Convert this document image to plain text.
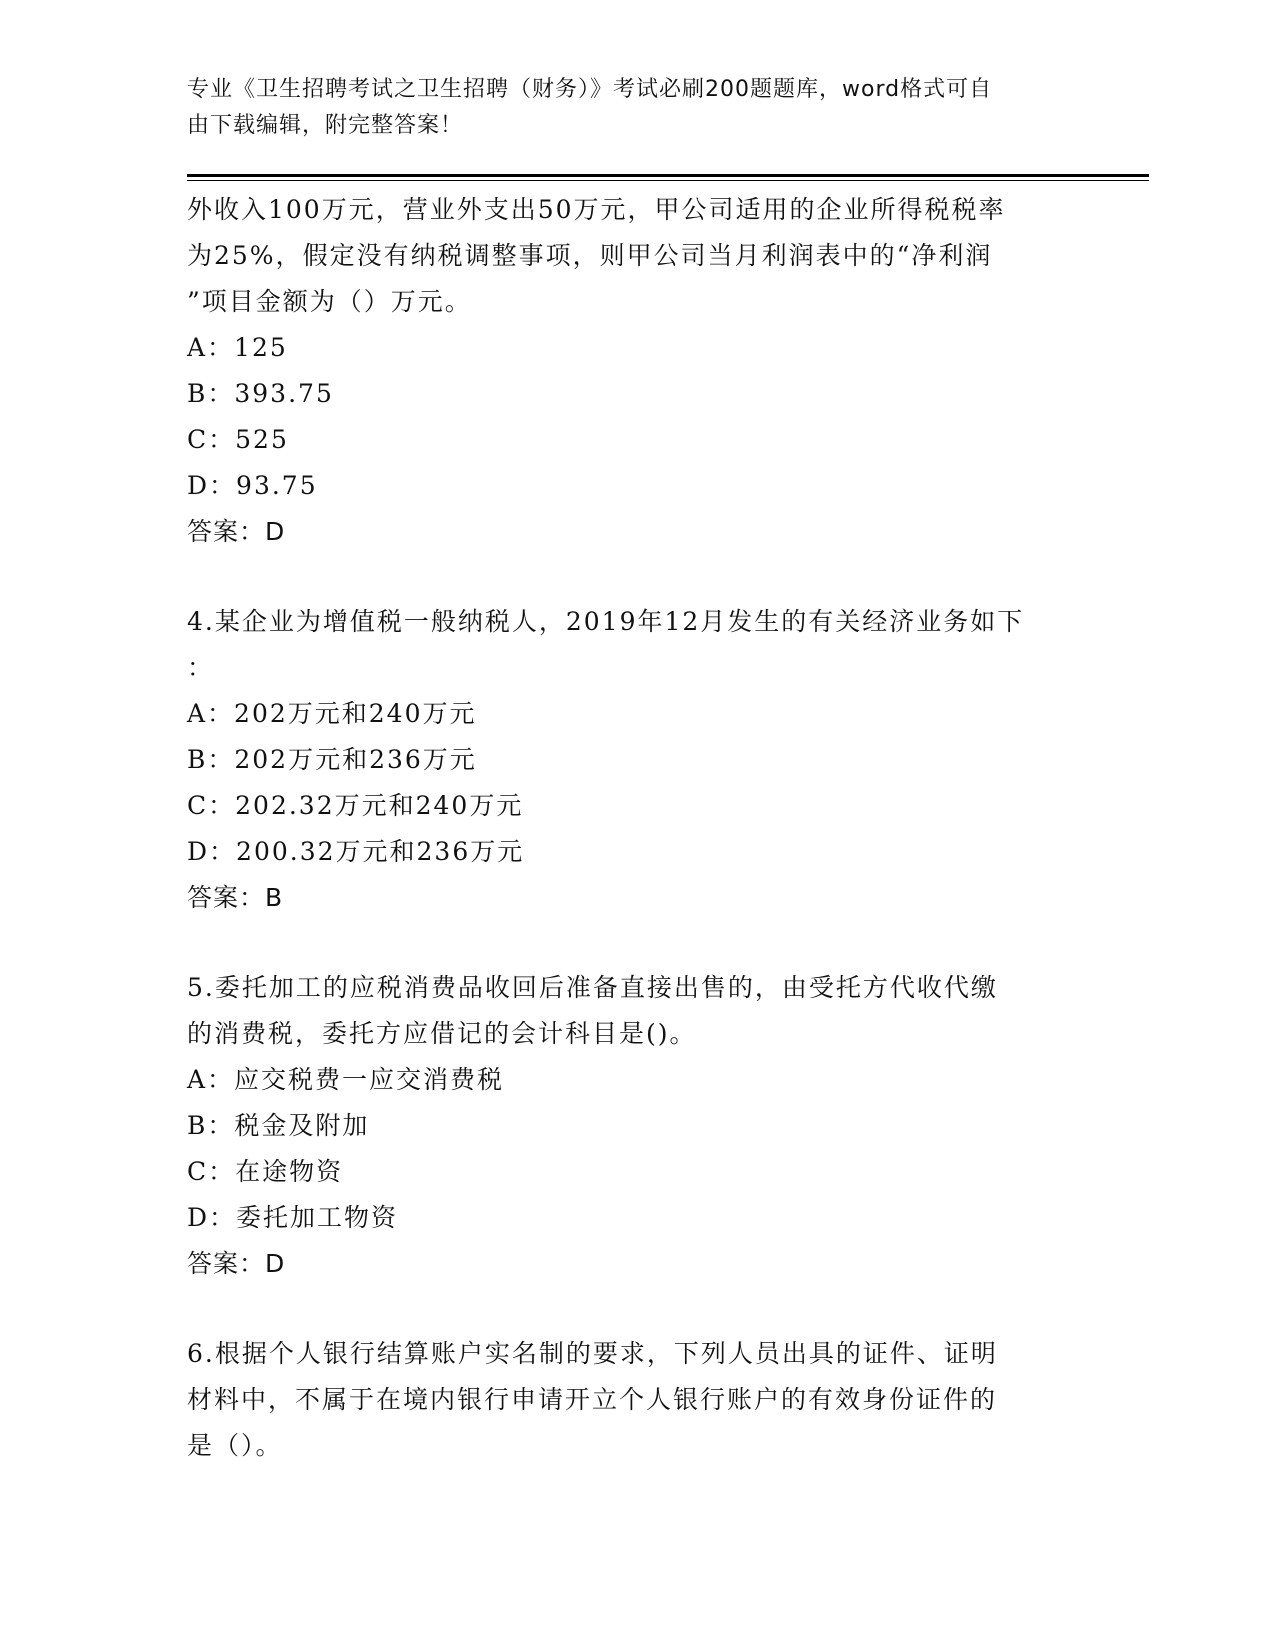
专业《卫生招聘考试之卫生招聘（财务）》考试必刷200题题库，word格式可自
由下载编辑，附完整答案！
外收入100万元，营业外支出50万元，甲公司适用的企业所得税税率
为25%，假定没有纳税调整事项，则甲公司当月利润表中的“净利润
”项目金额为（）万元。
A：125
B：393.75
C：525
D：93.75
答案：D
4.某企业为增值税一般纳税人，2019年12月发生的有关经济业务如下
：
A：202万元和240万元
B：202万元和236万元
C：202.32万元和240万元
D：200.32万元和236万元
答案：B
5.委托加工的应税消费品收回后准备直接出售的，由受托方代收代缴
的消费税，委托方应借记的会计科目是()。
A：应交税费一应交消费税
B：税金及附加
C：在途物资
D：委托加工物资
答案：D
6.根据个人银行结算账户实名制的要求，下列人员出具的证件、证明
材料中，不属于在境内银行申请开立个人银行账户的有效身份证件的
是（）。
